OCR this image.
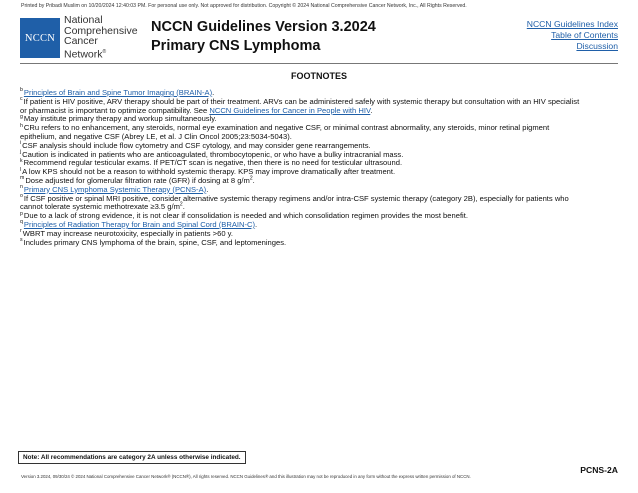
Printed by Pribadi Muslim on 10/20/2024 12:40:03 PM. For personal use only. Not approved for distribution. Copyright © 2024 National Comprehensive Cancer Network, Inc., All Rights Reserved.
NCCN
National
Comprehensive
Cancer
Network®
NCCN Guidelines Version 3.2024
Primary CNS Lymphoma
NCCN Guidelines Index
Table of Contents
Discussion
FOOTNOTES

$^b$Principles of Brain and Spine Tumor Imaging (BRAIN-A).

$^c$If patient is HIV positive, ARV therapy should be part of their treatment. ARVs can be administered safely with systemic therapy but consultation with an HIV specialist

or pharmacist is important to optimize compatibility. See NCCN Guidelines for Cancer in People with HIV.

$^g$May institute primary therapy and workup simultaneously.

$^h$CRu refers to no enhancement, any steroids, normal eye examination and negative CSF, or minimal contrast abnormality, any steroids, minor retinal pigment

epithelium, and negative CSF (Abrey LE, et al. J Clin Oncol 2005;23:5034-5043).

$^i$CSF analysis should include flow cytometry and CSF cytology, and may consider gene rearrangements.

$^j$Caution is indicated in patients who are anticoagulated, thrombocytopenic, or who have a bulky intracranial mass.

$^k$Recommend regular testicular exams. If PET/CT scan is negative, then there is no need for testicular ultrasound.

$^l$A low KPS should not be a reason to withhold systemic therapy. KPS may improve dramatically after treatment.

$^m$Dose adjusted for glomerular filtration rate (GFR) if dosing at 8 $g/m^2$.

$^n$Primary CNS Lymphoma Systemic Therapy (PCNS-A).

$^o$If CSF positive or spinal MRI positive, consider alternative systemic therapy regimens and/or intra-CSF systemic therapy (category 2B), especially for patients who

cannot tolerate systemic methotrexate ≥3.5 $g/m^2$.

$^p$Due to a lack of strong evidence, it is not clear if consolidation is needed and which consolidation regimen provides the most benefit.

$^q$Principles of Radiation Therapy for Brain and Spinal Cord (BRAIN-C).

$^r$WBRT may increase neurotoxicity, especially in patients >60 y.

$^s$Includes primary CNS lymphoma of the brain, spine, CSF, and leptomeninges.

Note: All recommendations are category 2A unless otherwise indicated.
PCNS-2A
Version 3.2024, 09/30/24 © 2024 National Comprehensive Cancer Network® (NCCN®), All rights reserved. NCCN Guidelines® and this illustration may not be reproduced in any form without the express written permission of NCCN.
